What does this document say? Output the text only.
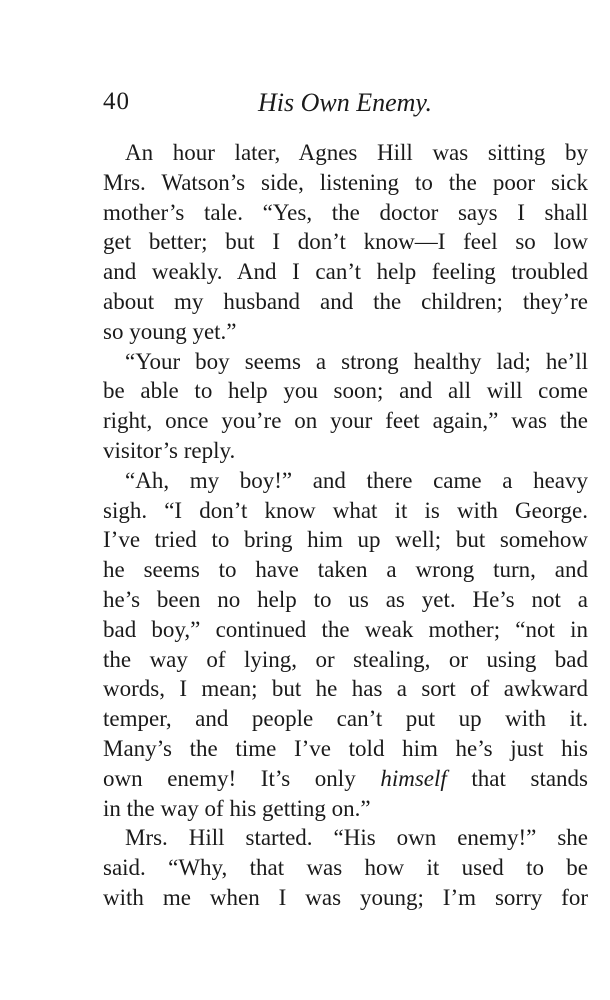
40	His Own Enemy.
An hour later, Agnes Hill was sitting by
Mrs. Watson’s side, listening to the poor sick
mother’s tale. “Yes, the doctor says I shall
get better; but I don’t know—I feel so low
and weakly. And I can’t help feeling troubled
about my husband and the children; they’re
so young yet.”
“Your boy seems a strong healthy lad; he’ll
be able to help you soon; and all will come
right, once you’re on your feet again,” was the
visitor’s reply.
“Ah, my boy!” and there came a heavy
sigh. “I don’t know what it is with George.
I’ve tried to bring him up well; but somehow
he seems to have taken a wrong turn, and
he’s been no help to us as yet. He’s not a
bad boy,” continued the weak mother; “not in
the way of lying, or stealing, or using bad
words, I mean; but he has a sort of awkward
temper, and people can’t put up with it.
Many’s the time I’ve told him he’s just his
own enemy! It’s only himself that stands
in the way of his getting on.”
Mrs. Hill started. “His own enemy!” she
said. “Why, that was how it used to be
with me when I was young; I’m sorry for
